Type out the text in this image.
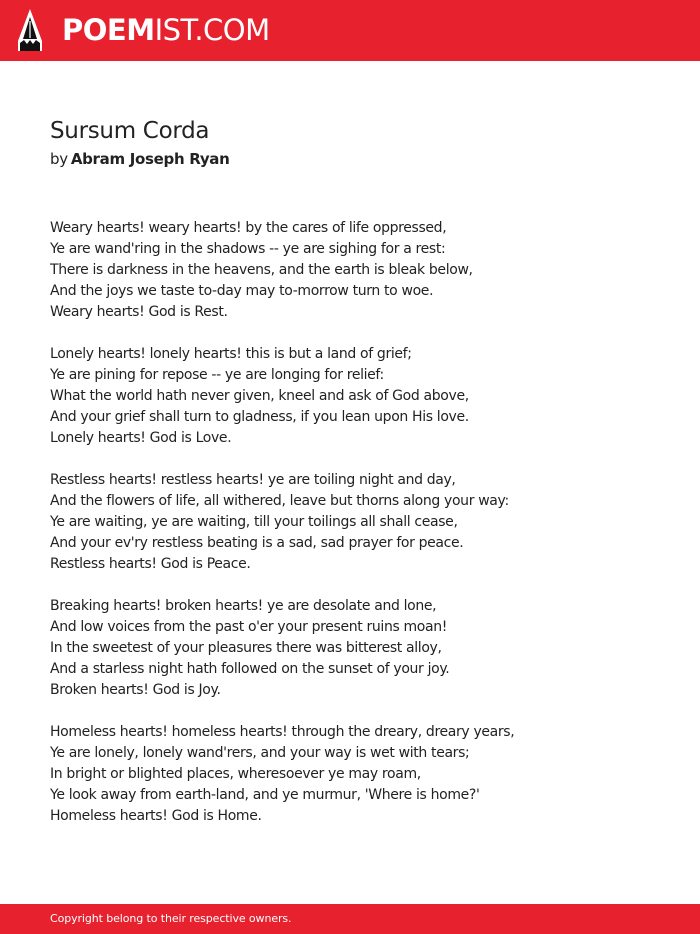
POEMIST.COM
Sursum Corda
by Abram Joseph Ryan
Weary hearts! weary hearts! by the cares of life oppressed,
Ye are wand'ring in the shadows -- ye are sighing for a rest:
There is darkness in the heavens, and the earth is bleak below,
And the joys we taste to-day may to-morrow turn to woe.
Weary hearts! God is Rest.
Lonely hearts! lonely hearts! this is but a land of grief;
Ye are pining for repose -- ye are longing for relief:
What the world hath never given, kneel and ask of God above,
And your grief shall turn to gladness, if you lean upon His love.
Lonely hearts! God is Love.
Restless hearts! restless hearts! ye are toiling night and day,
And the flowers of life, all withered, leave but thorns along your way:
Ye are waiting, ye are waiting, till your toilings all shall cease,
And your ev'ry restless beating is a sad, sad prayer for peace.
Restless hearts! God is Peace.
Breaking hearts! broken hearts! ye are desolate and lone,
And low voices from the past o'er your present ruins moan!
In the sweetest of your pleasures there was bitterest alloy,
And a starless night hath followed on the sunset of your joy.
Broken hearts! God is Joy.
Homeless hearts! homeless hearts! through the dreary, dreary years,
Ye are lonely, lonely wand'rers, and your way is wet with tears;
In bright or blighted places, wheresoever ye may roam,
Ye look away from earth-land, and ye murmur, 'Where is home?'
Homeless hearts! God is Home.
Copyright belong to their respective owners.
